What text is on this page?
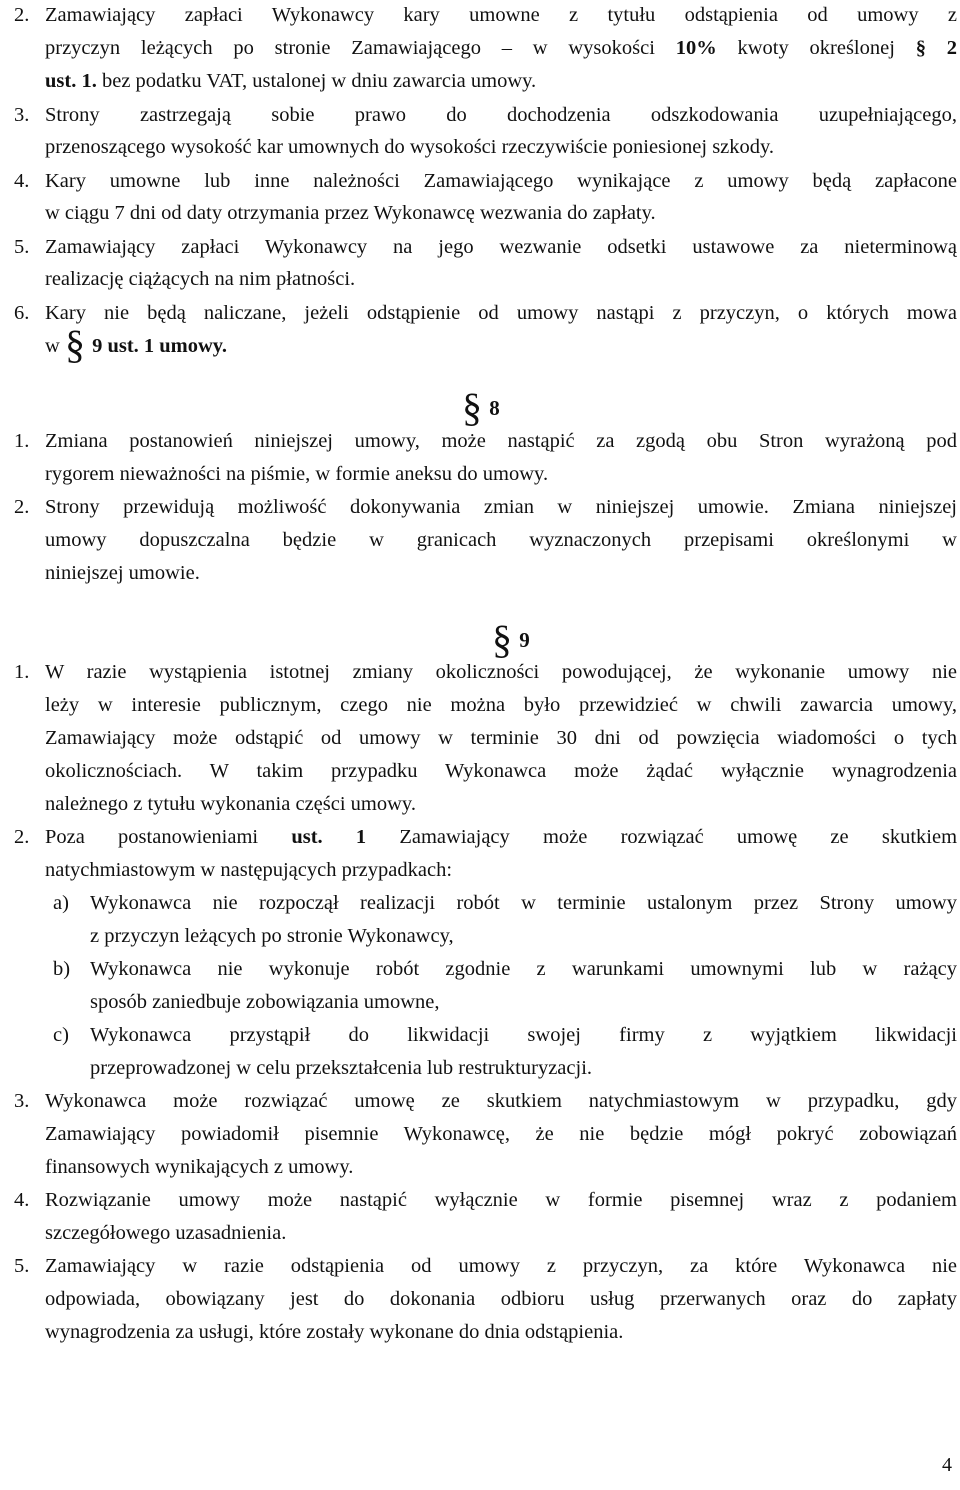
2. Zamawiający zapłaci Wykonawcy kary umowne z tytułu odstąpienia od umowy z
przyczyn leżących po stronie Zamawiającego – w wysokości 10% kwoty określonej § 2
ust. 1. bez podatku VAT, ustalonej w dniu zawarcia umowy.
3. Strony zastrzegają sobie prawo do dochodzenia odszkodowania uzupełniającego,
przenoszącego wysokość kar umownych do wysokości rzeczywiście poniesionej szkody.
4. Kary umowne lub inne należności Zamawiającego wynikające z umowy będą zapłacone
w ciągu 7 dni od daty otrzymania przez Wykonawcę wezwania do zapłaty.
5. Zamawiający zapłaci Wykonawcy na jego wezwanie odsetki ustawowe za nieterminową
realizację ciążących na nim płatności.
6. Kary nie będą naliczane, jeżeli odstąpienie od umowy nastąpi z przyczyn, o których mowa
w § 9 ust. 1 umowy.
§ 8
1. Zmiana postanowień niniejszej umowy, może nastąpić za zgodą obu Stron wyrażoną pod
rygorem nieważności na piśmie, w formie aneksu do umowy.
2. Strony przewidują możliwość dokonywania zmian w niniejszej umowie. Zmiana niniejszej
umowy dopuszczalna będzie w granicach wyznaczonych przepisami określonymi w
niniejszej umowie.
§ 9
1. W razie wystąpienia istotnej zmiany okoliczności powodującej, że wykonanie umowy nie
leży w interesie publicznym, czego nie można było przewidzieć w chwili zawarcia umowy,
Zamawiający może odstąpić od umowy w terminie 30 dni od powzięcia wiadomości o tych
okolicznościach. W takim przypadku Wykonawca może żądać wyłącznie wynagrodzenia
należnego z tytułu wykonania części umowy.
2. Poza postanowieniami ust. 1 Zamawiający może rozwiązać umowę ze skutkiem
natychmiastowym w następujących przypadkach:
a) Wykonawca nie rozpoczął realizacji robót w terminie ustalonym przez Strony umowy
z przyczyn leżących po stronie Wykonawcy,
b) Wykonawca nie wykonuje robót zgodnie z warunkami umownymi lub w rażący
sposób zaniedbuje zobowiązania umowne,
c) Wykonawca przystąpił do likwidacji swojej firmy z wyjątkiem likwidacji
przeprowadzonej w celu przekształcenia lub restrukturyzacji.
3. Wykonawca może rozwiązać umowę ze skutkiem natychmiastowym w przypadku, gdy
Zamawiający powiadomił pisemnie Wykonawcę, że nie będzie mógł pokryć zobowiązań
finansowych wynikających z umowy.
4. Rozwiązanie umowy może nastąpić wyłącznie w formie pisemnej wraz z podaniem
szczegółowego uzasadnienia.
5. Zamawiający w razie odstąpienia od umowy z przyczyn, za które Wykonawca nie
odpowiada, obowiązany jest do dokonania odbioru usług przerwanych oraz do zapłaty
wynagrodzenia za usługi, które zostały wykonane do dnia odstąpienia.
4
